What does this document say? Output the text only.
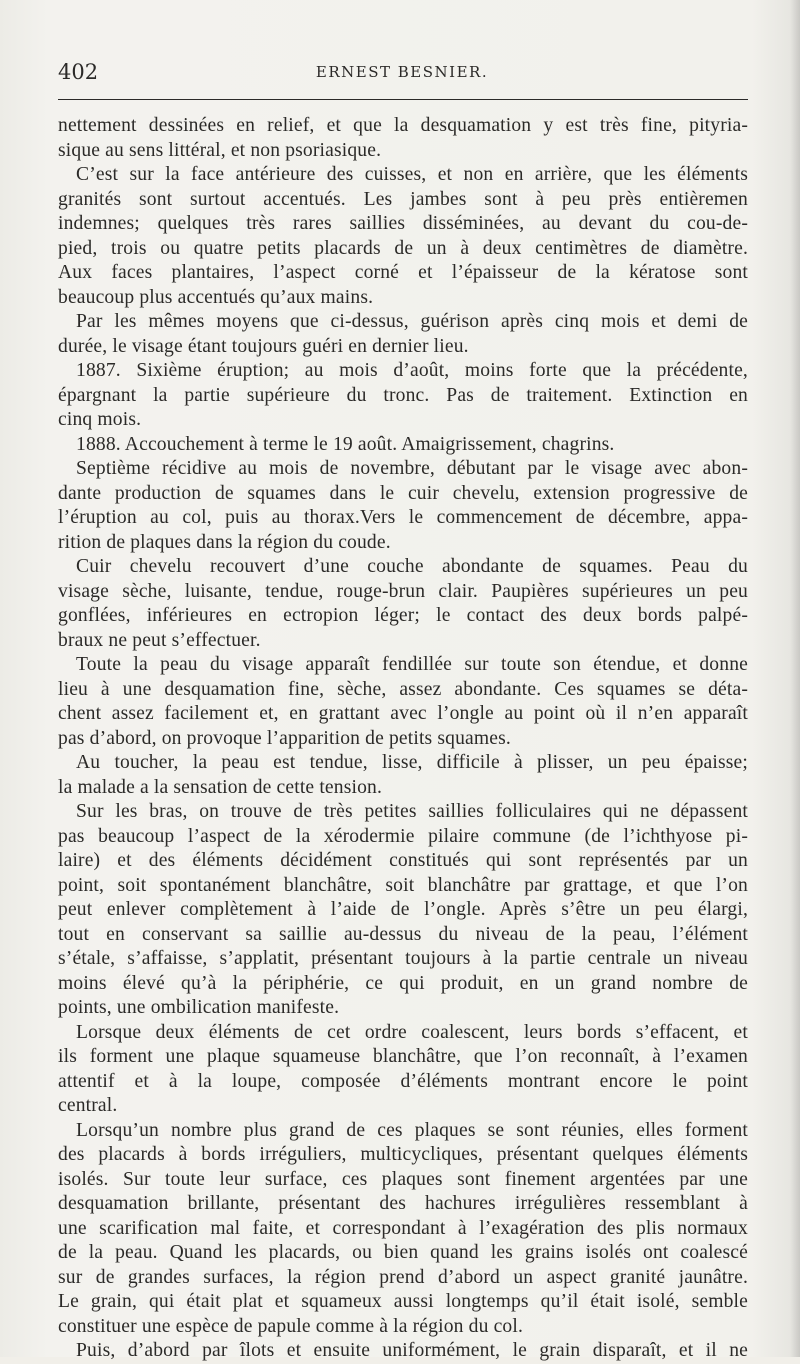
402	ERNEST BESNIER.
nettement dessinées en relief, et que la desquamation y est très fine, pityria-
sique au sens littéral, et non psoriasique.
C’est sur la face antérieure des cuisses, et non en arrière, que les éléments
granités sont surtout accentués. Les jambes sont à peu près entièremen
indemnes; quelques très rares saillies disséminées, au devant du cou-de-
pied, trois ou quatre petits placards de un à deux centimètres de diamètre.
Aux faces plantaires, l’aspect corné et l’épaisseur de la kératose sont
beaucoup plus accentués qu’aux mains.
Par les mêmes moyens que ci-dessus, guérison après cinq mois et demi de
durée, le visage étant toujours guéri en dernier lieu.
1887. Sixième éruption; au mois d’août, moins forte que la précédente,
épargnant la partie supérieure du tronc. Pas de traitement. Extinction en
cinq mois.
1888. Accouchement à terme le 19 août. Amaigrissement, chagrins.
Septième récidive au mois de novembre, débutant par le visage avec abon-
dante production de squames dans le cuir chevelu, extension progressive de
l’éruption au col, puis au thorax.Vers le commencement de décembre, appa-
rition de plaques dans la région du coude.
Cuir chevelu recouvert d’une couche abondante de squames. Peau du
visage sèche, luisante, tendue, rouge-brun clair. Paupières supérieures un peu
gonflées, inférieures en ectropion léger; le contact des deux bords palpé-
braux ne peut s’effectuer.
Toute la peau du visage apparaît fendillée sur toute son étendue, et donne
lieu à une desquamation fine, sèche, assez abondante. Ces squames se déta-
chent assez facilement et, en grattant avec l’ongle au point où il n’en apparaît
pas d’abord, on provoque l’apparition de petits squames.
Au toucher, la peau est tendue, lisse, difficile à plisser, un peu épaisse;
la malade a la sensation de cette tension.
Sur les bras, on trouve de très petites saillies folliculaires qui ne dépassent
pas beaucoup l’aspect de la xérodermie pilaire commune (de l’ichthyose pi-
laire) et des éléments décidément constitués qui sont représentés par un
point, soit spontanément blanchâtre, soit blanchâtre par grattage, et que l’on
peut enlever complètement à l’aide de l’ongle. Après s’être un peu élargi,
tout en conservant sa saillie au-dessus du niveau de la peau, l’élément
s’étale, s’affaisse, s’applatit, présentant toujours à la partie centrale un niveau
moins élevé qu’à la périphérie, ce qui produit, en un grand nombre de
points, une ombilication manifeste.
Lorsque deux éléments de cet ordre coalescent, leurs bords s’effacent, et
ils forment une plaque squameuse blanchâtre, que l’on reconnaît, à l’examen
attentif et à la loupe, composée d’éléments montrant encore le point
central.
Lorsqu’un nombre plus grand de ces plaques se sont réunies, elles forment
des placards à bords irréguliers, multicycliques, présentant quelques éléments
isolés. Sur toute leur surface, ces plaques sont finement argentées par une
desquamation brillante, présentant des hachures irrégulières ressemblant à
une scarification mal faite, et correspondant à l’exagération des plis normaux
de la peau. Quand les placards, ou bien quand les grains isolés ont coalescé
sur de grandes surfaces, la région prend d’abord un aspect granité jaunâtre.
Le grain, qui était plat et squameux aussi longtemps qu’il était isolé, semble
constituer une espèce de papule comme à la région du col.
Puis, d’abord par îlots et ensuite uniformément, le grain disparaît, et il ne
